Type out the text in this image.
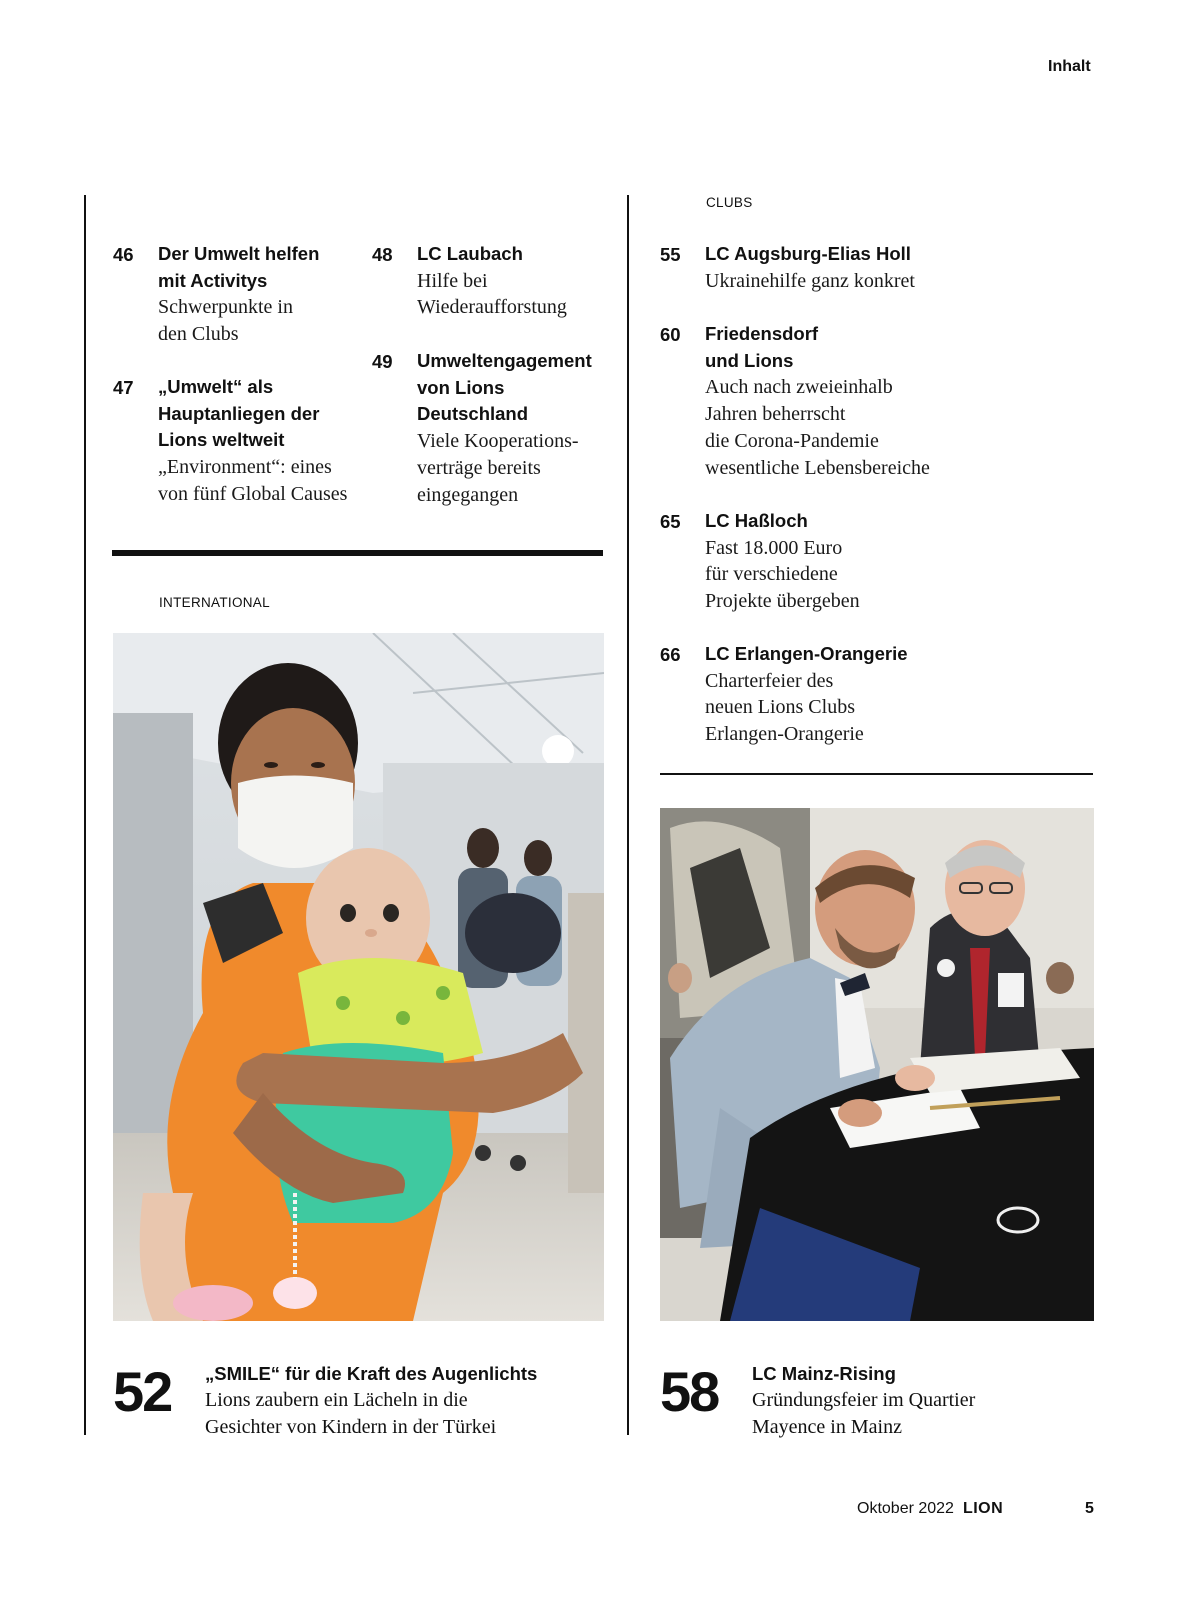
Inhalt
46	Der Umwelt helfen
mit Activitys
Schwerpunkte in
den Clubs
47	„Umwelt“ als
Hauptanliegen der
Lions weltweit
„Environment“: eines
von fünf Global Causes
48	LC Laubach
Hilfe bei
Wiederaufforstung
49	Umweltengagement
von Lions
Deutschland
Viele Kooperations-
verträge bereits
eingegangen
INTERNATIONAL
52	„SMILE“ für die Kraft des Augenlichts
Lions zaubern ein Lächeln in die
Gesichter von Kindern in der Türkei
CLUBS
55	LC Augsburg-Elias Holl
Ukrainehilfe ganz konkret
60	Friedensdorf
und Lions
Auch nach zweieinhalb
Jahren beherrscht
die Corona-Pandemie
wesentliche Lebensbereiche
65	LC Haßloch
Fast 18.000 Euro
für verschiedene
Projekte übergeben
66	LC Erlangen-Orangerie
Charterfeier des
neuen Lions Clubs
Erlangen-Orangerie
58	LC Mainz-Rising
Gründungsfeier im Quartier
Mayence in Mainz
Oktober 2022 LION	5
